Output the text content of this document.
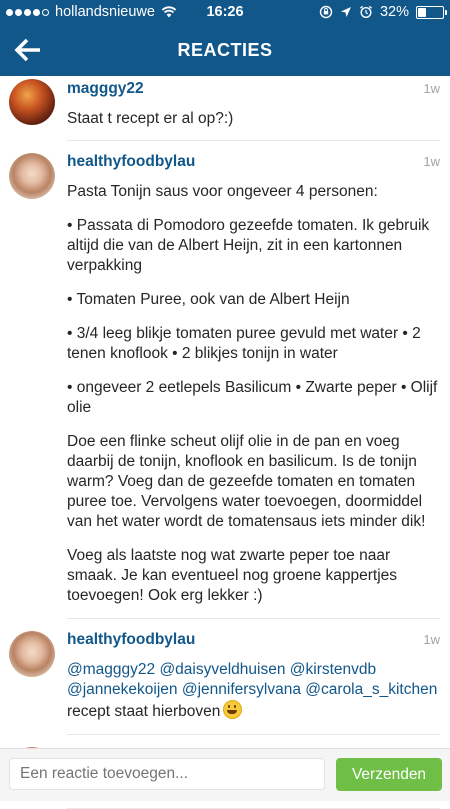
hollandsnieuwe	16:26	32%
REACTIES
magggy22	1w

Staat t recept er al op?:)

healthyfoodbylau	1w

Pasta Tonijn saus voor ongeveer 4 personen:

• Passata di Pomodoro gezeefde tomaten. Ik gebruik altijd die van de Albert Heijn, zit in een kartonnen verpakking

• Tomaten Puree, ook van de Albert Heijn

• 3/4 leeg blikje tomaten puree gevuld met water • 2 tenen knoflook • 2 blikjes tonijn in water

• ongeveer 2 eetlepels Basilicum • Zwarte peper • Olijf olie

Doe een flinke scheut olijf olie in de pan en voeg daarbij de tonijn, knoflook en basilicum. Is de tonijn warm? Voeg dan de gezeefde tomaten en tomaten puree toe. Vervolgens water toevoegen, doormiddel van het water wordt de tomatensaus iets minder dik!

Voeg als laatste nog wat zwarte peper toe naar smaak. Je kan eventueel nog groene kappertjes toevoegen! Ook erg lekker :)

healthyfoodbylau	1w

@magggy22 @daisyveldhuisen @kirstenvdb @jannekekoijen @jennifersylvana @carola_s_kitchen recept staat hierboven

Een reactie toevoegen...
Verzenden
